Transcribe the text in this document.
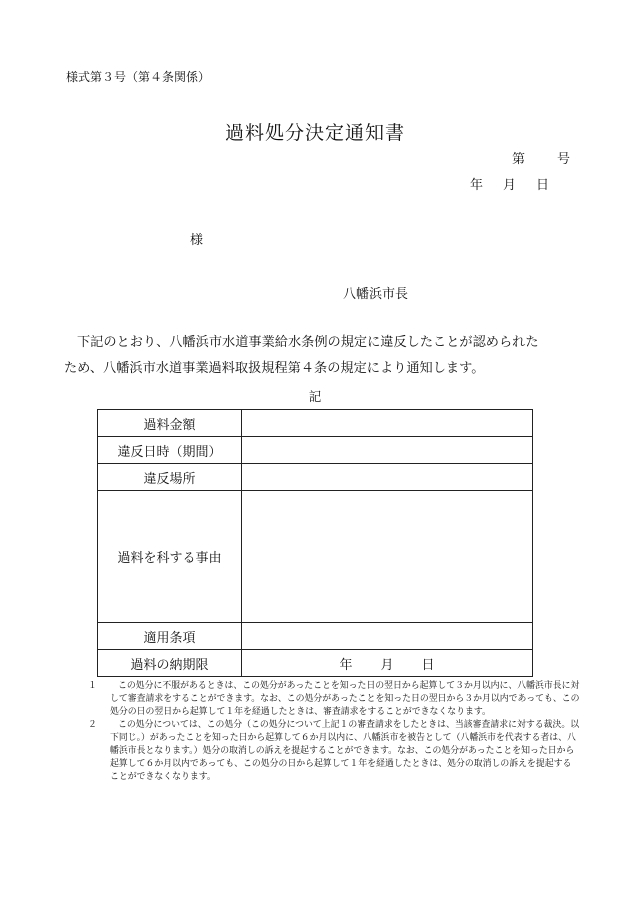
様式第３号（第４条関係）
過料処分決定通知書
第 号
年 月 日
様
八幡浜市長

下記のとおり、八幡浜市水道事業給水条例の規定に違反したことが認められた

ため、八幡浜市水道事業過料取扱規程第４条の規定により通知します。

記
過料金額	
違反日時（期間）	
違反場所	
過料を科する事由	
適用条項	
過料の納期限	年 月 日

１	この処分に不服があるときは、この処分があったことを知った日の翌日から起算して３か月以内に、八幡浜市長に対して審査請求をすることができます。なお、この処分があったことを知った日の翌日から３か月以内であっても、この処分の日の翌日から起算して１年を経過したときは、審査請求をすることができなくなります。

２	この処分については、この処分（この処分について上記１の審査請求をしたときは、当該審査請求に対する裁決。以下同じ。）があったことを知った日から起算して６か月以内に、八幡浜市を被告として（八幡浜市を代表する者は、八幡浜市長となります。）処分の取消しの訴えを提起することができます。なお、この処分があったことを知った日から起算して６か月以内であっても、この処分の日から起算して１年を経過したときは、処分の取消しの訴えを提起することができなくなります。
